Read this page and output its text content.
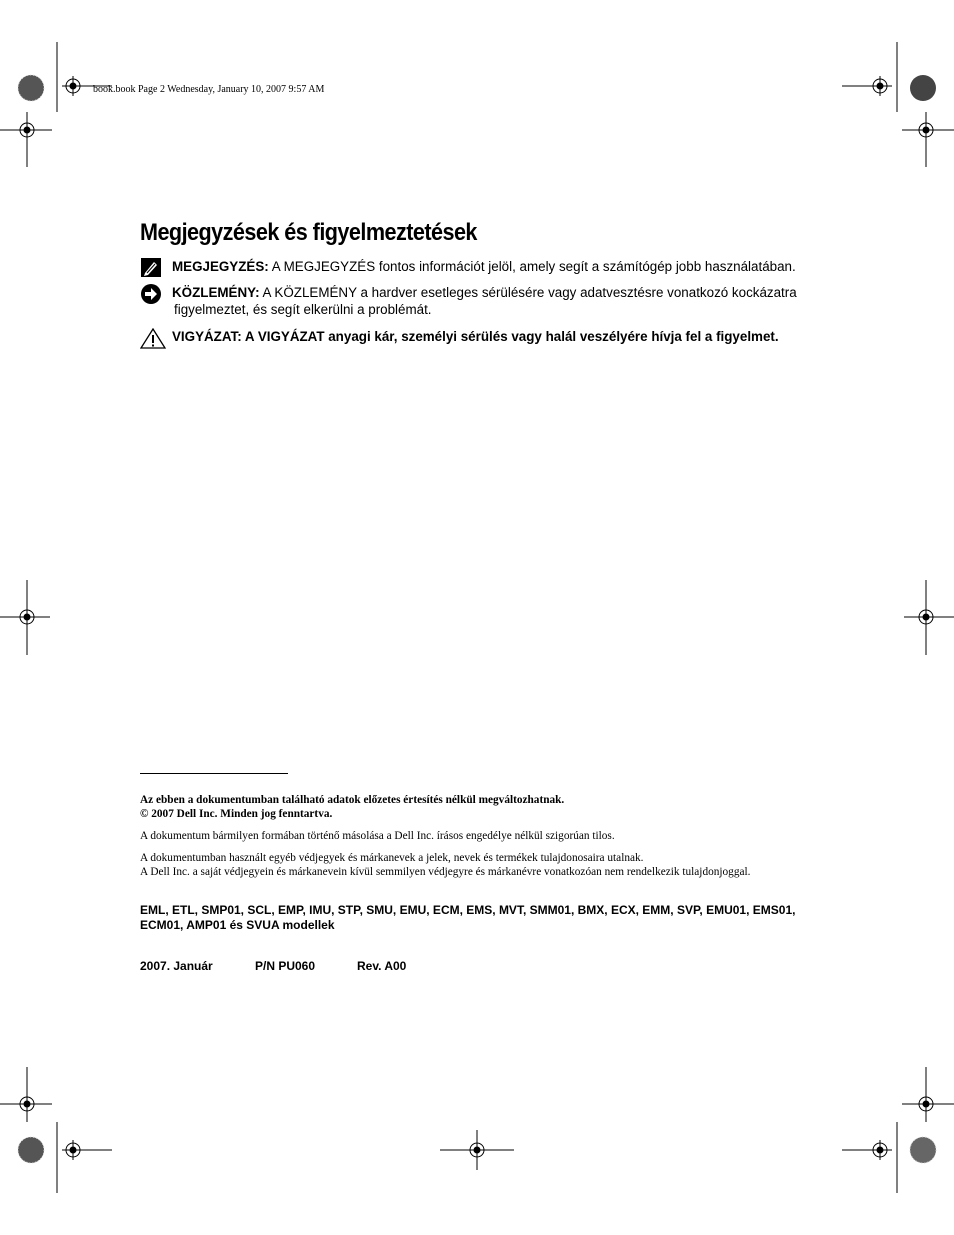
book.book Page 2 Wednesday, January 10, 2007 9:57 AM
Megjegyzések és figyelmeztetések
MEGJEGYZÉS: A MEGJEGYZÉS fontos információt jelöl, amely segít a számítógép jobb használatában.
KÖZLEMÉNY: A KÖZLEMÉNY a hardver esetleges sérülésére vagy adatvesztésre vonatkozó kockázatra
figyelmeztet, és segít elkerülni a problémát.
VIGYÁZAT: A VIGYÁZAT anyagi kár, személyi sérülés vagy halál veszélyére hívja fel a figyelmet.
Az ebben a dokumentumban található adatok előzetes értesítés nélkül megváltozhatnak.
© 2007 Dell Inc. Minden jog fenntartva.
A dokumentum bármilyen formában történő másolása a Dell Inc. írásos engedélye nélkül szigorúan tilos.
A dokumentumban használt egyéb védjegyek és márkanevek a jelek, nevek és termékek tulajdonosaira utalnak.
A Dell Inc. a saját védjegyein és márkanevein kívül semmilyen védjegyre és márkanévre vonatkozóan nem rendelkezik tulajdonjoggal.
EML, ETL, SMP01, SCL, EMP, IMU, STP, SMU, EMU, ECM, EMS, MVT, SMM01, BMX, ECX, EMM, SVP, EMU01, EMS01,
ECM01, AMP01 és SVUA modellek
2007. Január	P/N PU060	Rev. A00
